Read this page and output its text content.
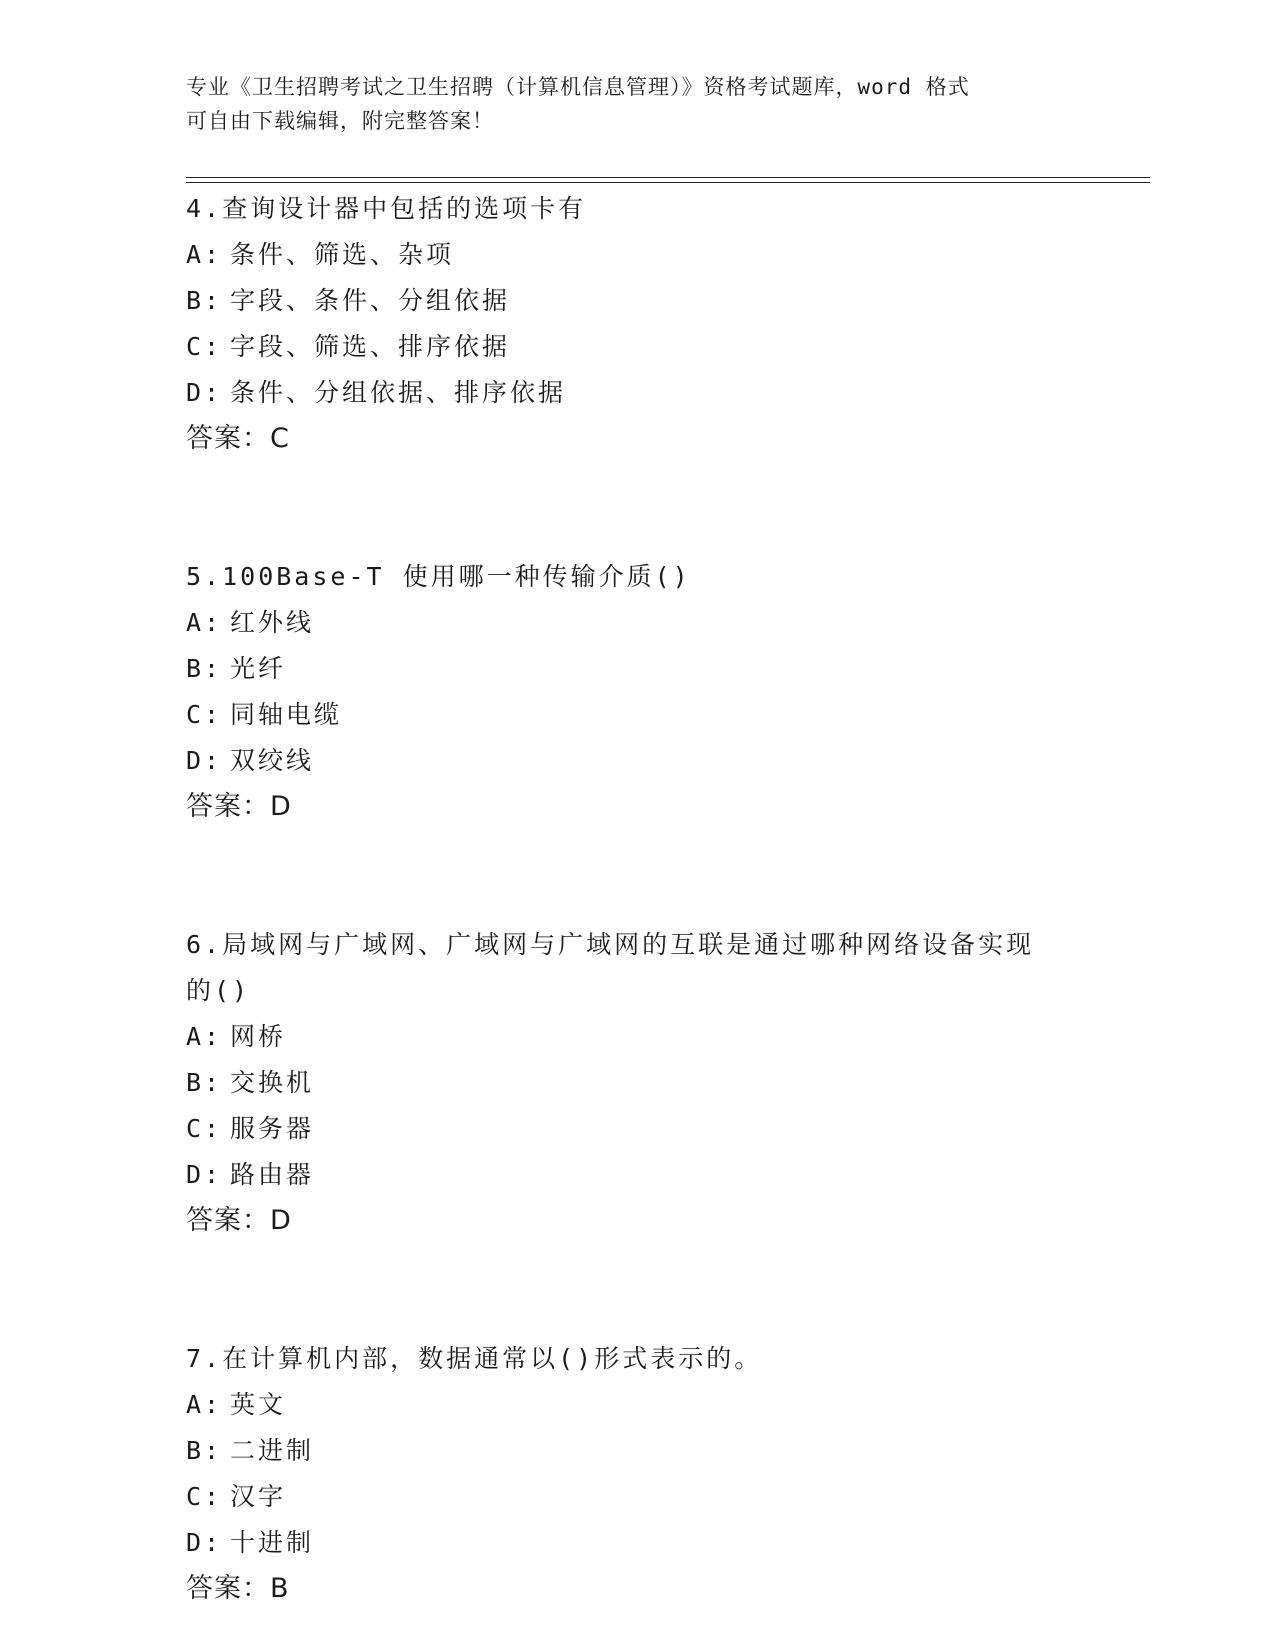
专业《卫生招聘考试之卫生招聘（计算机信息管理）》资格考试题库，word 格式
可自由下载编辑，附完整答案！
4.查询设计器中包括的选项卡有
A: 条件、筛选、杂项
B: 字段、条件、分组依据
C: 字段、筛选、排序依据
D: 条件、分组依据、排序依据
答案：C
5.100Base-T 使用哪一种传输介质()
A: 红外线
B: 光纤
C: 同轴电缆
D: 双绞线
答案：D
6.局域网与广域网、广域网与广域网的互联是通过哪种网络设备实现
的()
A: 网桥
B: 交换机
C: 服务器
D: 路由器
答案：D
7.在计算机内部，数据通常以()形式表示的。
A: 英文
B: 二进制
C: 汉字
D: 十进制
答案：B
